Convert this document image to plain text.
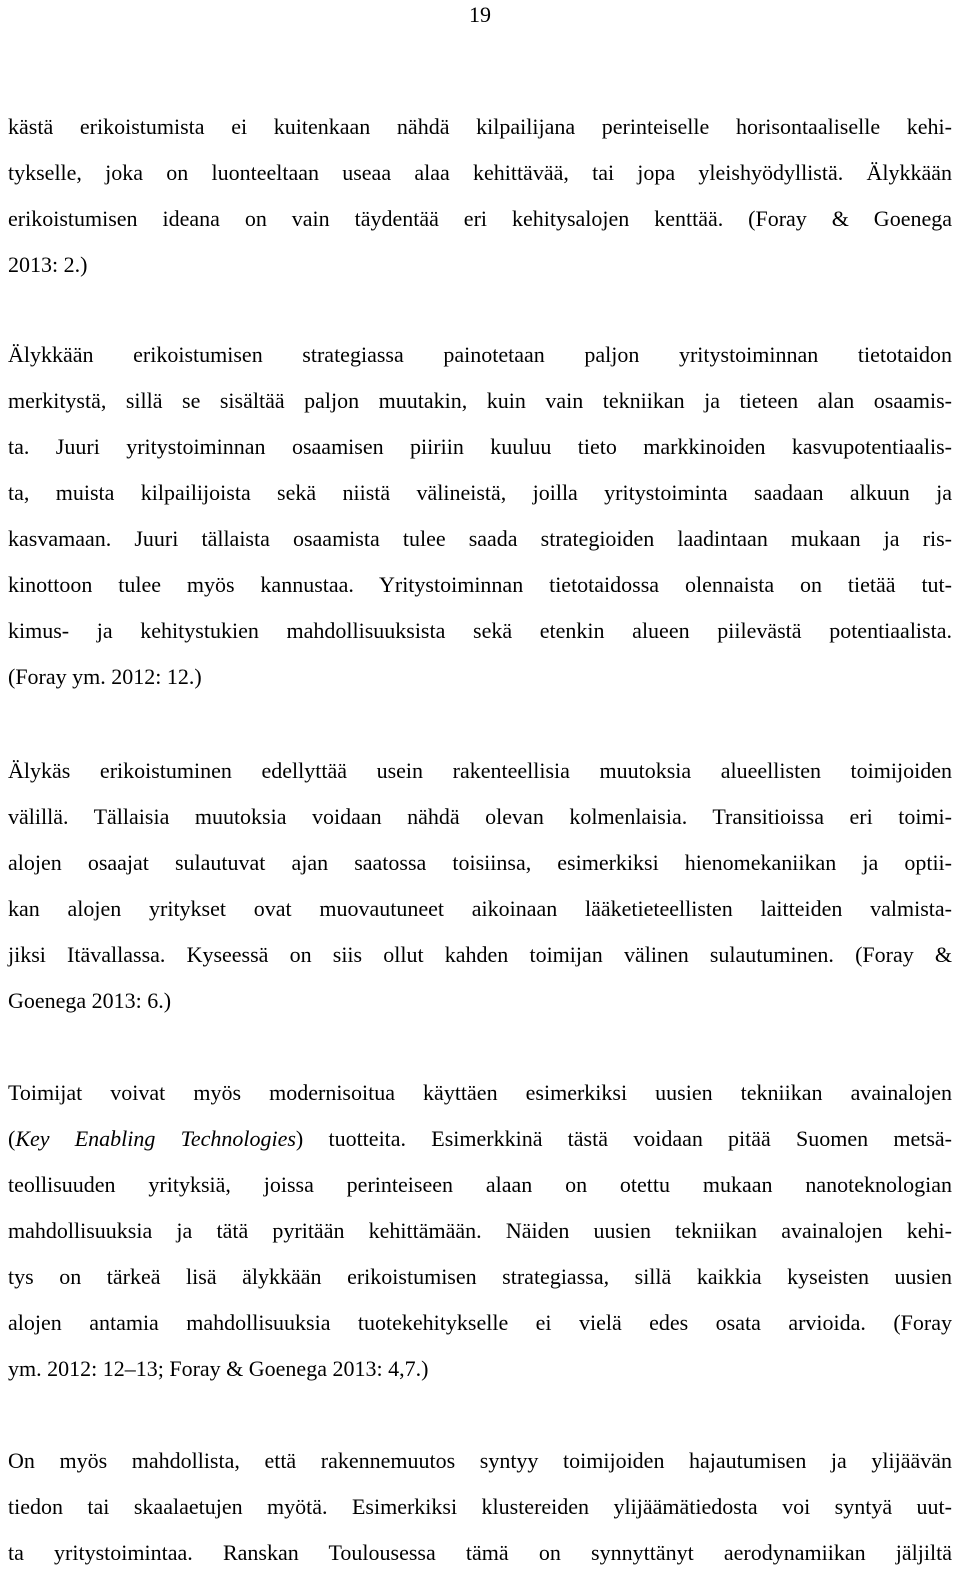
19
kästä erikoistumista ei kuitenkaan nähdä kilpailijana perinteiselle horisontaaliselle kehi-
tykselle, joka on luonteeltaan useaa alaa kehittävää, tai jopa yleishyödyllistä. Älykkään
erikoistumisen ideana on vain täydentää eri kehitysalojen kenttää. (Foray & Goenega
2013: 2.)
Älykkään erikoistumisen strategiassa painotetaan paljon yritystoiminnan tietotaidon
merkitystä, sillä se sisältää paljon muutakin, kuin vain tekniikan ja tieteen alan osaamis-
ta. Juuri yritystoiminnan osaamisen piiriin kuuluu tieto markkinoiden kasvupotentiaalis-
ta, muista kilpailijoista sekä niistä välineistä, joilla yritystoiminta saadaan alkuun ja
kasvamaan. Juuri tällaista osaamista tulee saada strategioiden laadintaan mukaan ja ris-
kinottoon tulee myös kannustaa. Yritystoiminnan tietotaidossa olennaista on tietää tut-
kimus- ja kehitystukien mahdollisuuksista sekä etenkin alueen piilevästä potentiaalista.
(Foray ym. 2012: 12.)
Älykäs erikoistuminen edellyttää usein rakenteellisia muutoksia alueellisten toimijoiden
välillä. Tällaisia muutoksia voidaan nähdä olevan kolmenlaisia. Transitioissa eri toimi-
alojen osaajat sulautuvat ajan saatossa toisiinsa, esimerkiksi hienomekaniikan ja optii-
kan alojen yritykset ovat muovautuneet aikoinaan lääketieteellisten laitteiden valmista-
jiksi Itävallassa. Kyseessä on siis ollut kahden toimijan välinen sulautuminen. (Foray &
Goenega 2013: 6.)
Toimijat voivat myös modernisoitua käyttäen esimerkiksi uusien tekniikan avainalojen
(Key Enabling Technologies) tuotteita. Esimerkkinä tästä voidaan pitää Suomen metsä-
teollisuuden yrityksiä, joissa perinteiseen alaan on otettu mukaan nanoteknologian
mahdollisuuksia ja tätä pyritään kehittämään. Näiden uusien tekniikan avainalojen kehi-
tys on tärkeä lisä älykkään erikoistumisen strategiassa, sillä kaikkia kyseisten uusien
alojen antamia mahdollisuuksia tuotekehitykselle ei vielä edes osata arvioida. (Foray
ym. 2012: 12–13; Foray & Goenega 2013: 4,7.)
On myös mahdollista, että rakennemuutos syntyy toimijoiden hajautumisen ja ylijäävän
tiedon tai skaalaetujen myötä. Esimerkiksi klustereiden ylijäämätiedosta voi syntyä uut-
ta yritystoimintaa. Ranskan Toulousessa tämä on synnyttänyt aerodynamiikan jäljiltä
